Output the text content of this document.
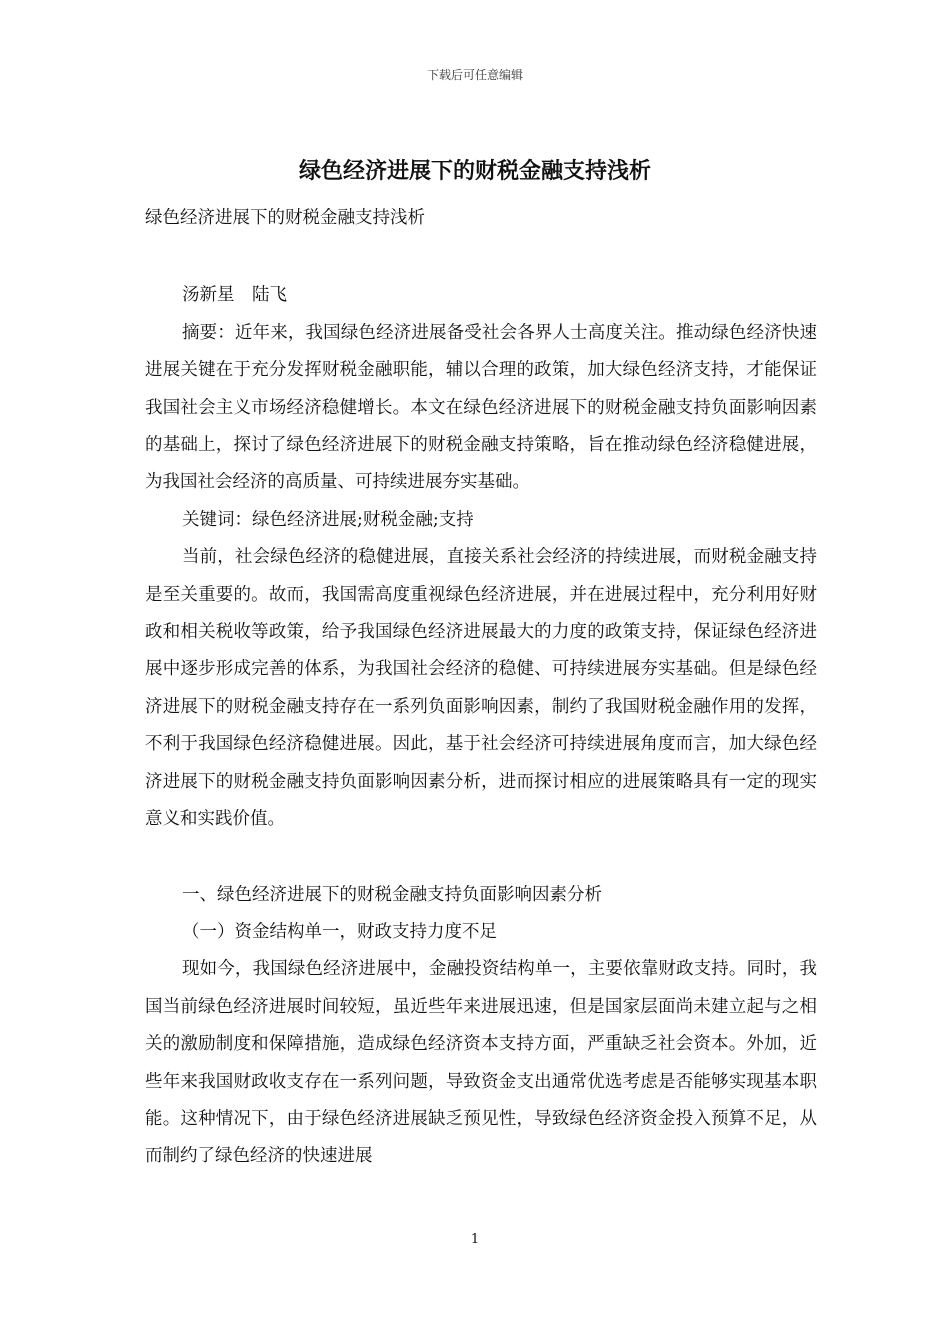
下载后可任意编辑
绿色经济进展下的财税金融支持浅析

绿色经济进展下的财税金融支持浅析

汤新星　陆飞

摘要：近年来，我国绿色经济进展备受社会各界人士高度关注。推动绿色经济快速进展关键在于充分发挥财税金融职能，辅以合理的政策，加大绿色经济支持，才能保证我国社会主义市场经济稳健增长。本文在绿色经济进展下的财税金融支持负面影响因素的基础上，探讨了绿色经济进展下的财税金融支持策略，旨在推动绿色经济稳健进展，为我国社会经济的高质量、可持续进展夯实基础。

关键词：绿色经济进展;财税金融;支持

当前，社会绿色经济的稳健进展，直接关系社会经济的持续进展，而财税金融支持是至关重要的。故而，我国需高度重视绿色经济进展，并在进展过程中，充分利用好财政和相关税收等政策，给予我国绿色经济进展最大的力度的政策支持，保证绿色经济进展中逐步形成完善的体系，为我国社会经济的稳健、可持续进展夯实基础。但是绿色经济进展下的财税金融支持存在一系列负面影响因素，制约了我国财税金融作用的发挥，不利于我国绿色经济稳健进展。因此，基于社会经济可持续进展角度而言，加大绿色经济进展下的财税金融支持负面影响因素分析，进而探讨相应的进展策略具有一定的现实意义和实践价值。

一、绿色经济进展下的财税金融支持负面影响因素分析

（一）资金结构单一，财政支持力度不足

现如今，我国绿色经济进展中，金融投资结构单一，主要依靠财政支持。同时，我国当前绿色经济进展时间较短，虽近些年来进展迅速，但是国家层面尚未建立起与之相关的激励制度和保障措施，造成绿色经济资本支持方面，严重缺乏社会资本。外加，近些年来我国财政收支存在一系列问题，导致资金支出通常优选考虑是否能够实现基本职能。这种情况下，由于绿色经济进展缺乏预见性，导致绿色经济资金投入预算不足，从而制约了绿色经济的快速进展

1
